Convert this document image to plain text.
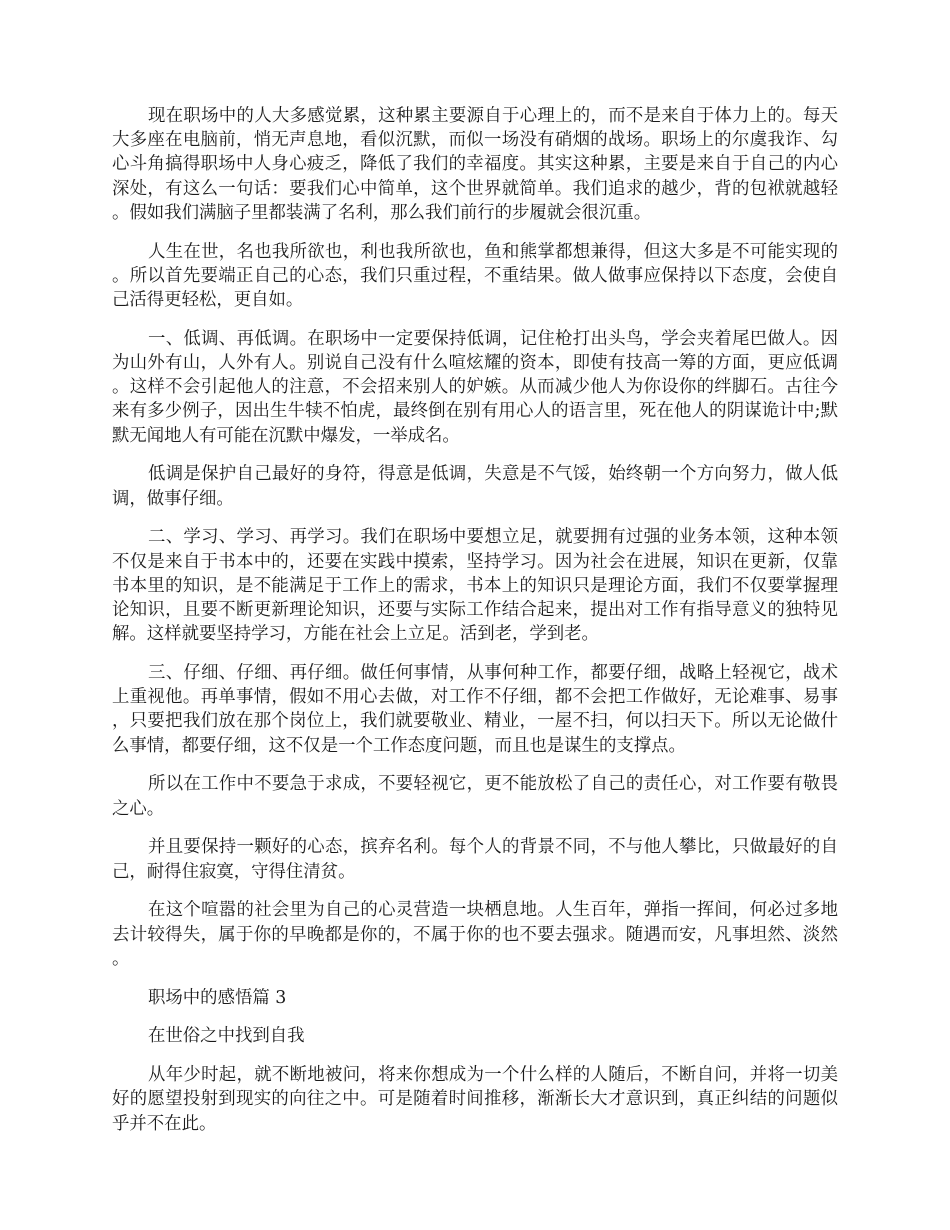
现在职场中的人大多感觉累，这种累主要源自于心理上的，而不是来自于体力上的。每天大多座在电脑前，悄无声息地，看似沉默，而似一场没有硝烟的战场。职场上的尔虞我诈、勾心斗角搞得职场中人身心疲乏，降低了我们的幸福度。其实这种累，主要是来自于自己的内心深处，有这么一句话：要我们心中简单，这个世界就简单。我们追求的越少，背的包袱就越轻。假如我们满脑子里都装满了名利，那么我们前行的步履就会很沉重。

人生在世，名也我所欲也，利也我所欲也，鱼和熊掌都想兼得，但这大多是不可能实现的。所以首先要端正自己的心态，我们只重过程，不重结果。做人做事应保持以下态度，会使自己活得更轻松，更自如。

一、低调、再低调。在职场中一定要保持低调，记住枪打出头鸟，学会夹着尾巴做人。因为山外有山，人外有人。别说自己没有什么喧炫耀的资本，即使有技高一筹的方面，更应低调。这样不会引起他人的注意，不会招来别人的妒嫉。从而减少他人为你设你的绊脚石。古往今来有多少例子，因出生牛犊不怕虎，最终倒在别有用心人的语言里，死在他人的阴谋诡计中;默默无闻地人有可能在沉默中爆发，一举成名。

低调是保护自己最好的身符，得意是低调，失意是不气馁，始终朝一个方向努力，做人低调，做事仔细。

二、学习、学习、再学习。我们在职场中要想立足，就要拥有过强的业务本领，这种本领不仅是来自于书本中的，还要在实践中摸索，坚持学习。因为社会在进展，知识在更新，仅靠书本里的知识，是不能满足于工作上的需求，书本上的知识只是理论方面，我们不仅要掌握理论知识，且要不断更新理论知识，还要与实际工作结合起来，提出对工作有指导意义的独特见解。这样就要坚持学习，方能在社会上立足。活到老，学到老。

三、仔细、仔细、再仔细。做任何事情，从事何种工作，都要仔细，战略上轻视它，战术上重视他。再单事情，假如不用心去做，对工作不仔细，都不会把工作做好，无论难事、易事，只要把我们放在那个岗位上，我们就要敬业、精业，一屋不扫，何以扫天下。所以无论做什么事情，都要仔细，这不仅是一个工作态度问题，而且也是谋生的支撑点。

所以在工作中不要急于求成，不要轻视它，更不能放松了自己的责任心，对工作要有敬畏之心。

并且要保持一颗好的心态，摈弃名利。每个人的背景不同，不与他人攀比，只做最好的自己，耐得住寂寞，守得住清贫。

在这个喧嚣的社会里为自己的心灵营造一块栖息地。人生百年，弹指一挥间，何必过多地去计较得失，属于你的早晚都是你的，不属于你的也不要去强求。随遇而安，凡事坦然、淡然。

职场中的感悟篇 3

在世俗之中找到自我

从年少时起，就不断地被问，将来你想成为一个什么样的人随后，不断自问，并将一切美好的愿望投射到现实的向往之中。可是随着时间推移，渐渐长大才意识到，真正纠结的问题似乎并不在此。
